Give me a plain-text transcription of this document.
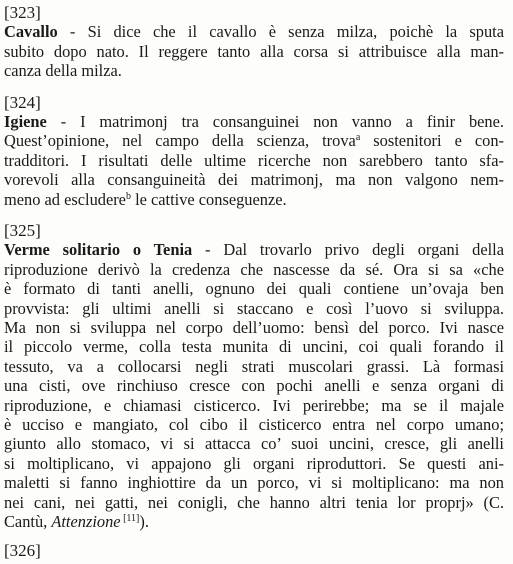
[323]
Cavallo - Si dice che il cavallo è senza milza, poichè la sputa
subito dopo nato. Il reggere tanto alla corsa si attribuisce alla man-
canza della milza.
[324]
Igiene - I matrimonj tra consanguinei non vanno a finir bene.
Quest’opinione, nel campo della scienza, trova$^a$ sostenitori e con-
tradditori. I risultati delle ultime ricerche non sarebbero tanto sfa-
vorevoli alla consanguineità dei matrimonj, ma non valgono nem-
meno ad escludere$^b$ le cattive conseguenze.
[325]
Verme solitario o Tenia - Dal trovarlo privo degli organi della
riproduzione derivò la credenza che nascesse da sé. Ora si sa «che
è formato di tanti anelli, ognuno dei quali contiene un’ovaja ben
provvista: gli ultimi anelli si staccano e così l’uovo si sviluppa.
Ma non si sviluppa nel corpo dell’uomo: bensì del porco. Ivi nasce
il piccolo verme, colla testa munita di uncini, coi quali forando il
tessuto, va a collocarsi negli strati muscolari grassi. Là formasi
una cisti, ove rinchiuso cresce con pochi anelli e senza organi di
riproduzione, e chiamasi cisticerco. Ivi perirebbe; ma se il majale
è ucciso e mangiato, col cibo il cisticerco entra nel corpo umano;
giunto allo stomaco, vi si attacca co’ suoi uncini, cresce, gli anelli
si moltiplicano, vi appajono gli organi riproduttori. Se questi ani-
maletti si fanno inghiottire da un porco, vi si moltiplicano: ma non
nei cani, nei gatti, nei conigli, che hanno altri tenia lor proprj» (C.
Cantù, Attenzione [11]).
[326]
